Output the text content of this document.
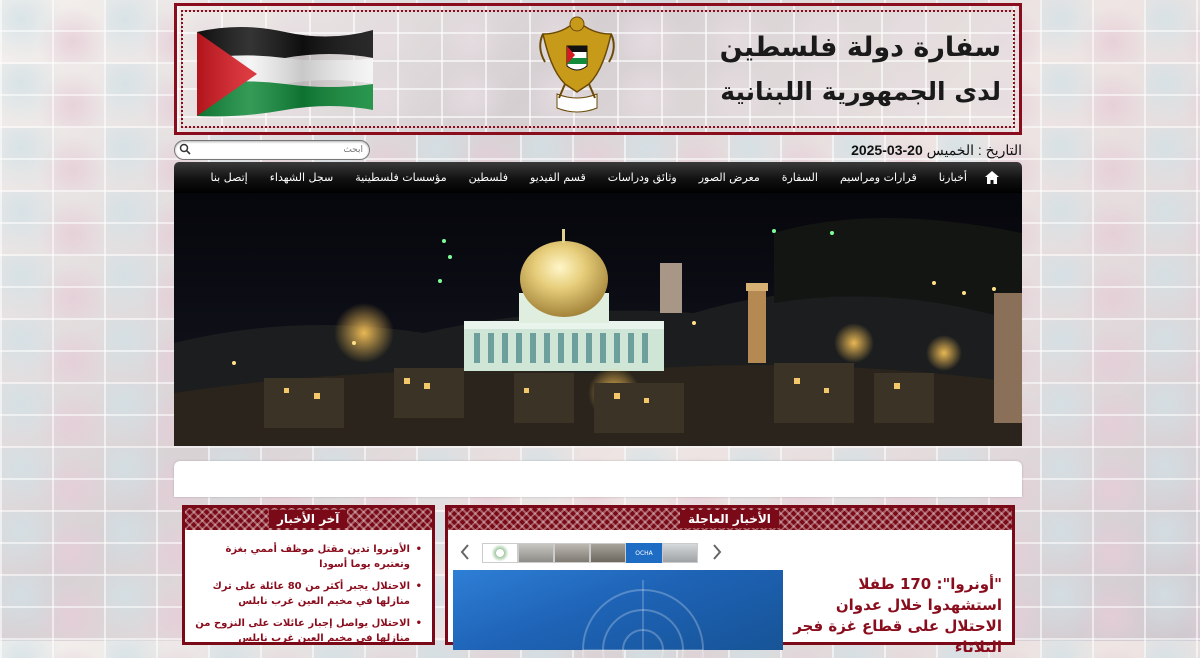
سفارة دولة فلسطين
لدى الجمهورية اللبنانية
ابحث
التاريخ : الخميس 20-03-2025
أخبارنا
قرارات ومراسيم
السفارة
معرض الصور
وثائق ودراسات
قسم الفيديو
فلسطين
مؤسسات فلسطينية
سجل الشهداء
إتصل بنا
آخر الأخبار
•
الأونروا تدين مقتل موظف أممي بغزة وتعتبره يوما أسودا
•
الاحتلال يجبر أكثر من 80 عائلة على ترك منازلها في مخيم العين غرب نابلس
•
الاحتلال يواصل إجبار عائلات على النزوح من منازلها في مخيم العين غرب نابلس
الأخبار العاجلة
OCHA
"أونروا": 170 طفلا استشهدوا خلال عدوان الاحتلال على قطاع غزة فجر الثلاثاء
